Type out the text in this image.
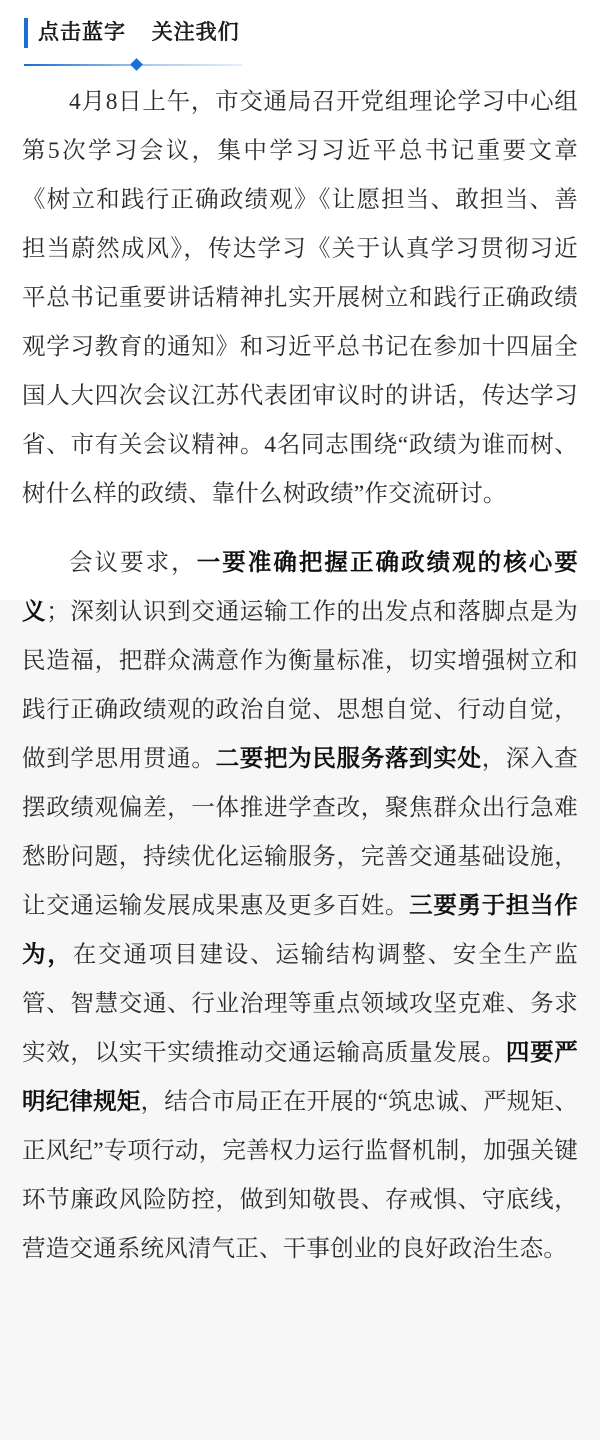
点击蓝字 关注我们

4月8日上午，市交通局召开党组理论学习中心组第5次学习会议，集中学习习近平总书记重要文章《树立和践行正确政绩观》《让愿担当、敢担当、善担当蔚然成风》，传达学习《关于认真学习贯彻习近平总书记重要讲话精神扎实开展树立和践行正确政绩观学习教育的通知》和习近平总书记在参加十四届全国人大四次会议江苏代表团审议时的讲话，传达学习省、市有关会议精神。4名同志围绕“政绩为谁而树、树什么样的政绩、靠什么树政绩”作交流研讨。

会议要求，一要准确把握正确政绩观的核心要义；深刻认识到交通运输工作的出发点和落脚点是为民造福，把群众满意作为衡量标准，切实增强树立和践行正确政绩观的政治自觉、思想自觉、行动自觉，做到学思用贯通。二要把为民服务落到实处，深入查摆政绩观偏差，一体推进学查改，聚焦群众出行急难愁盼问题，持续优化运输服务，完善交通基础设施，让交通运输发展成果惠及更多百姓。三要勇于担当作为，在交通项目建设、运输结构调整、安全生产监管、智慧交通、行业治理等重点领域攻坚克难、务求实效，以实干实绩推动交通运输高质量发展。四要严明纪律规矩，结合市局正在开展的“筑忠诚、严规矩、正风纪”专项行动，完善权力运行监督机制，加强关键环节廉政风险防控，做到知敬畏、存戒惧、守底线，营造交通系统风清气正、干事创业的良好政治生态。
